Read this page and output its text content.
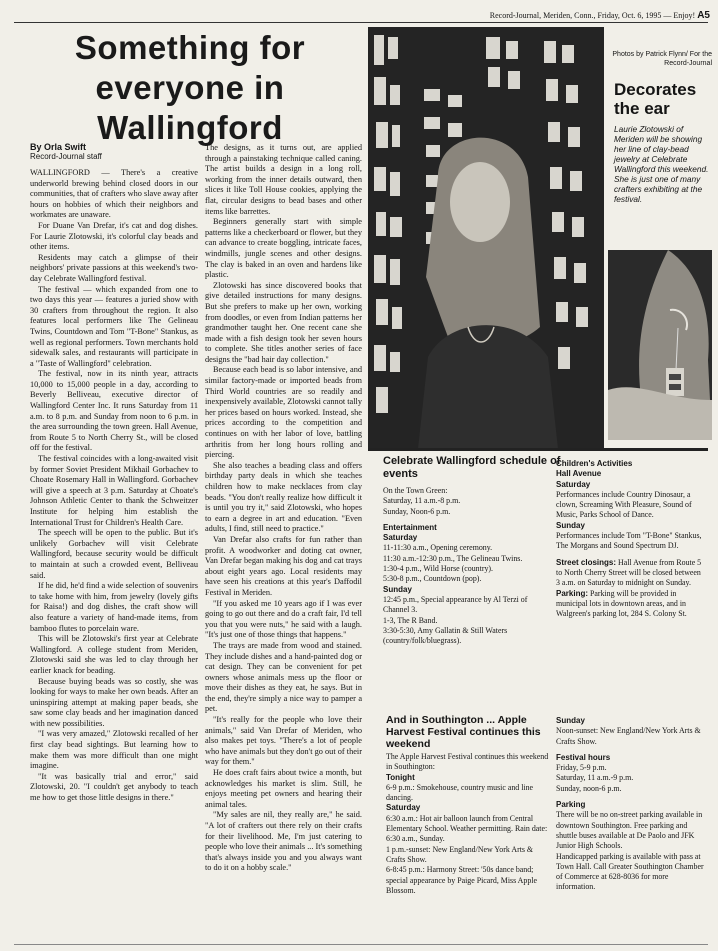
Record-Journal, Meriden, Conn., Friday, Oct. 6, 1995 — Enjoy! A5
Something for everyone in Wallingford
By Orla Swift
Record-Journal staff

WALLINGFORD — There's a creative underworld brewing behind closed doors in our communities, that of crafters who slave away after hours on hobbies of which their neighbors and workmates are unaware.

For Duane Van Drefar, it's cat and dog dishes. For Laurie Zlotowski, it's colorful clay beads and other items.

Residents may catch a glimpse of their neighbors' private passions at this weekend's two-day Celebrate Wallingford festival.

The festival — which expanded from one to two days this year — features a juried show with 30 crafters from throughout the region. It also features local performers like The Gelineau Twins, Countdown and Tom "T-Bone" Stankus, as well as regional performers. Town merchants hold sidewalk sales, and restaurants will participate in a "Taste of Wallingford" celebration.

The festival, now in its ninth year, attracts 10,000 to 15,000 people in a day, according to Beverly Belliveau, executive director of Wallingford Center Inc. It runs Saturday from 11 a.m. to 8 p.m. and Sunday from noon to 6 p.m. in the area surrounding the town green. Hall Avenue, from Route 5 to North Cherry St., will be closed off for the festival.

The festival coincides with a long-awaited visit by former Soviet President Mikhail Gorbachev to Choate Rosemary Hall in Wallingford. Gorbachev will give a speech at 3 p.m. Saturday at Choate's Johnson Athletic Center to thank the Schweitzer Institute for helping him establish the International Trust for Children's Health Care.

The speech will be open to the public. But it's unlikely Gorbachev will visit Celebrate Wallingford, because security would be difficult to maintain at such a crowded event, Belliveau said.

If he did, he'd find a wide selection of souvenirs to take home with him, from jewelry (lovely gifts for Raisa!) and dog dishes, the craft show will also feature a variety of hand-made items, from bamboo flutes to porcelain ware.

This will be Zlotowski's first year at Celebrate Wallingford. A college student from Meriden, Zlotowski said she was led to clay through her earlier knack for beading.

Because buying beads was so costly, she was looking for ways to make her own beads. After an uninspiring attempt at making paper beads, she saw some clay beads and her imagination danced with new possibilities.

"I was very amazed," Zlotowski recalled of her first clay bead sightings. But learning how to make them was more difficult than one might imagine.

"It was basically trial and error," said Zlotowski, 20. "I couldn't get anybody to teach me how to get those little designs in there."

The designs, as it turns out, are applied through a painstaking technique called caning. The artist builds a design in a long roll, working from the inner details outward, then slices it like Toll House cookies, applying the flat, circular designs to bead bases and other items like barrettes.

Beginners generally start with simple patterns like a checkerboard or flower, but they can advance to create boggling, intricate faces, windmills, jungle scenes and other designs. The clay is baked in an oven and hardens like plastic.

Zlotowski has since discovered books that give detailed instructions for many designs. But she prefers to make up her own, working from doodles, or even from Indian patterns her grandmother taught her. One recent cane she made with a fish design took her seven hours to complete. She titles another series of face designs the "bad hair day collection."

Because each bead is so labor intensive, and similar factory-made or imported beads from Third World countries are so readily and inexpensively available, Zlotowski cannot tally her prices based on hours worked. Instead, she prices according to the competition and continues on with her labor of love, battling arthritis from her long hours rolling and piercing.

She also teaches a beading class and offers birthday party deals in which she teaches children how to make necklaces from clay beads. "You don't really realize how difficult it is until you try it," said Zlotowski, who hopes to earn a degree in art and education. "Even adults, I find, still need to practice."

Van Drefar also crafts for fun rather than profit. A woodworker and doting cat owner, Van Drefar began making his dog and cat trays about eight years ago. Local residents may have seen his creations at this year's Daffodil Festival in Meriden.

"If you asked me 10 years ago if I was ever going to go out there and do a craft fair, I'd tell you that you were nuts," he said with a laugh. "It's just one of those things that happens."

The trays are made from wood and stained. They include dishes and a hand-painted dog or cat design. They can be convenient for pet owners whose animals mess up the floor or move their dishes as they eat, he says. But in the end, they're simply a nice way to pamper a pet.

"It's really for the people who love their animals," said Van Drefar of Meriden, who also makes pet toys. "There's a lot of people who have animals but they don't go out of their way for them."

He does craft fairs about twice a month, but acknowledges his market is slim. Still, he enjoys meeting pet owners and hearing their animal tales.

"My sales are nil, they really are," he said. "A lot of crafters out there rely on their crafts for their livelihood. Me, I'm just catering to people who love their animals ... It's something that's always inside you and you always want to do it on a hobby scale."

Photos by Patrick Flynn/ For the Record-Journal
Decorates the ear
Laurie Zlotowski of Meriden will be showing her line of clay-bead jewelry at Celebrate Wallingford this weekend. She is just one of many crafters exhibiting at the festival.
Celebrate Wallingford schedule of events
On the Town Green:
Saturday, 11 a.m.-8 p.m.
Sunday, Noon-6 p.m.
Entertainment
Saturday
11-11:30 a.m., Opening ceremony.
11:30 a.m.-12:30 p.m., The Gelineau Twins.
1:30-4 p.m., Wild Horse (country).
5:30-8 p.m., Countdown (pop).
Sunday
12:45 p.m., Special appearance by Al Terzi of Channel 3.
1-3, The R Band.
3:30-5:30, Amy Gallatin & Still Waters (country/folk/bluegrass).
Children's Activities
Hall Avenue
Saturday
Performances include Country Dinosaur, a clown, Screaming With Pleasure, Sound of Music, Parks School of Dance.
Sunday
Performances include Tom "T-Bone" Stankus, The Morgans and Sound Spectrum DJ.
Street closings: Hall Avenue from Route 5 to North Cherry Street will be closed between 3 a.m. on Saturday to midnight on Sunday.
Parking: Parking will be provided in municipal lots in downtown areas, and in Walgreen's parking lot, 284 S. Colony St.
And in Southington ... Apple Harvest Festival continues this weekend
The Apple Harvest Festival continues this weekend in Southington:
Tonight
6-9 p.m.: Smokehouse, country music and line dancing.
Saturday
6:30 a.m.: Hot air balloon launch from Central Elementary School. Weather permitting. Rain date: 6:30 a.m., Sunday.
1 p.m.-sunset: New England/New York Arts & Crafts Show.
6-8:45 p.m.: Harmony Street: '50s dance band; special appearance by Paige Picard, Miss Apple Blossom.
Sunday
Noon-sunset: New England/New York Arts & Crafts Show.
Festival hours
Friday, 5-9 p.m.
Saturday, 11 a.m.-9 p.m.
Sunday, noon-6 p.m.
Parking
There will be no on-street parking available in downtown Southington. Free parking and shuttle buses available at De Paolo and JFK Junior High Schools.
Handicapped parking is available with pass at Town Hall. Call Greater Southington Chamber of Commerce at 628-8036 for more information.
